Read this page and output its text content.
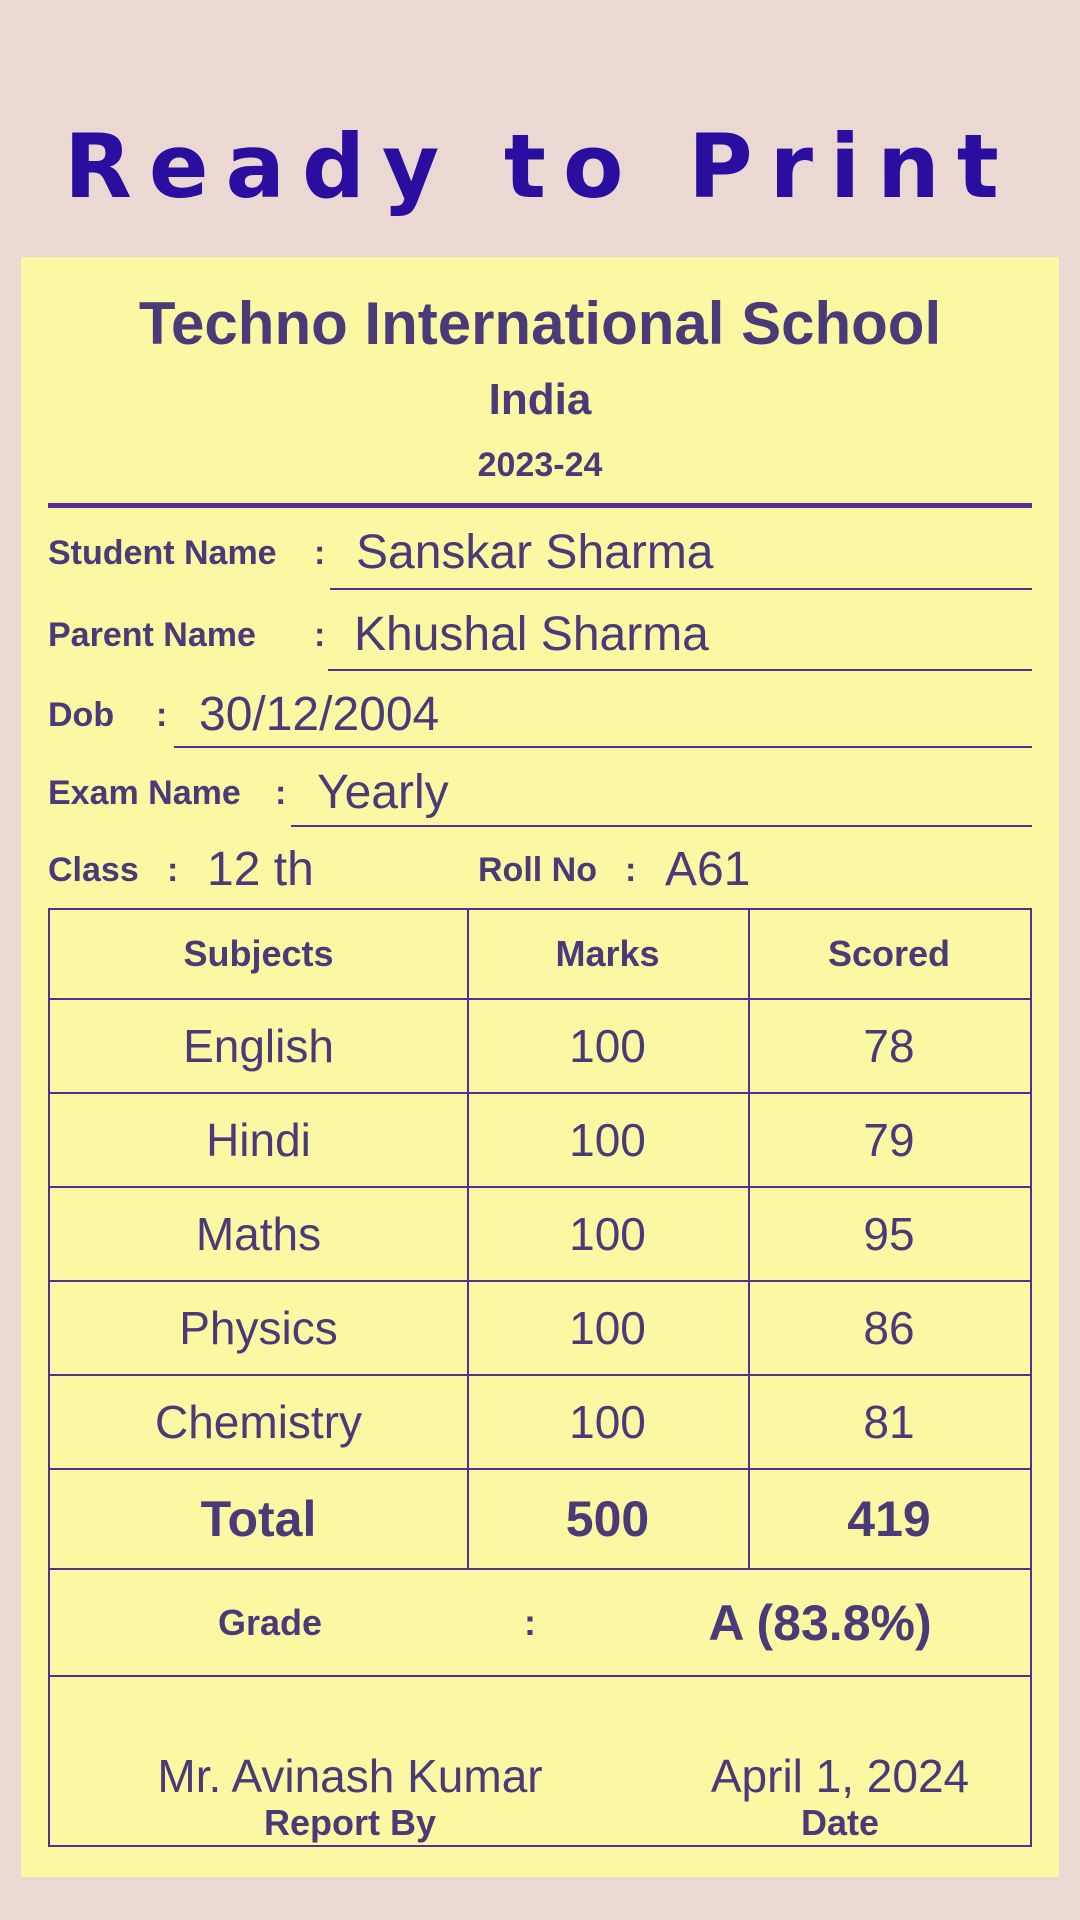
Ready to Print
Techno International School
India
2023-24
Student Name : Sanskar Sharma
Parent Name : Khushal Sharma
Dob : 30/12/2004
Exam Name : Yearly
Class : 12 th	Roll No : A61
Subjects	Marks	Scored
English	100	78
Hindi	100	79
Maths	100	95
Physics	100	86
Chemistry	100	81
Total	500	419
Grade	:	A (83.8%)
Mr. Avinash Kumar
Report By
April 1, 2024
Date
